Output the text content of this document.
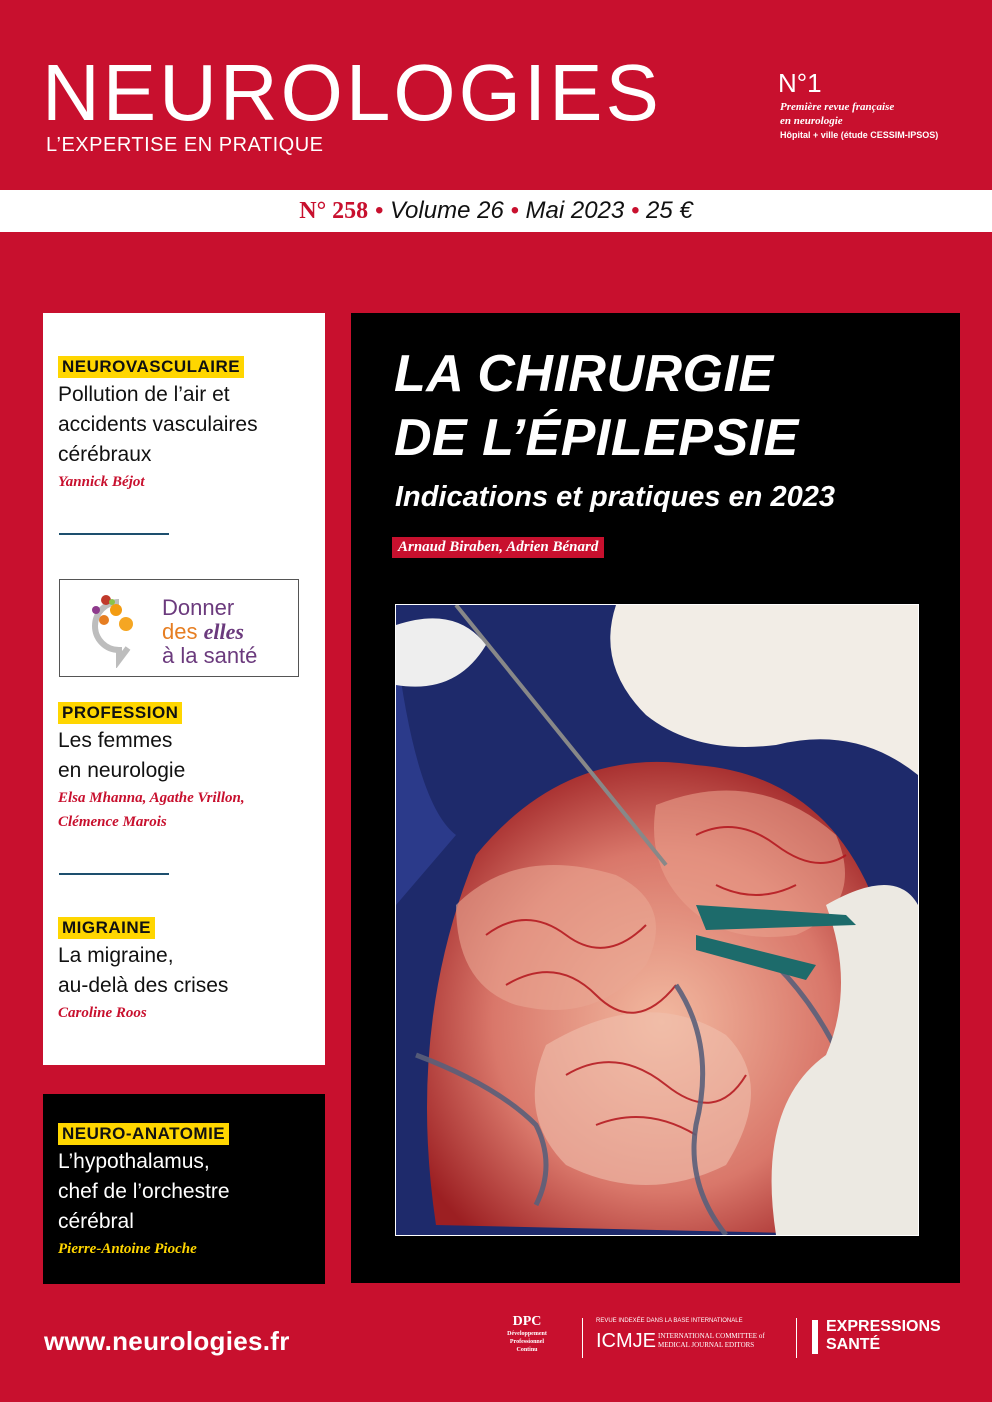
NEUROLOGIES
L’EXPERTISE EN PRATIQUE
N°1
Première revue française
en neurologie
Hôpital + ville (étude CESSIM-IPSOS)
N° 258 • Volume 26 • Mai 2023 • 25 €
NEUROVASCULAIRE
Pollution de l’air et
accidents vasculaires
cérébraux
Yannick Béjot
Donner
des elles
à la santé
PROFESSION
Les femmes
en neurologie
Elsa Mhanna, Agathe Vrillon,
Clémence Marois
MIGRAINE
La migraine,
au-delà des crises
Caroline Roos
NEURO-ANATOMIE
L’hypothalamus,
chef de l’orchestre
cérébral
Pierre-Antoine Pioche
LA CHIRURGIE
DE L’ÉPILEPSIE
Indications et pratiques en 2023
Arnaud Biraben, Adrien Bénard
www.neurologies.fr
DPC
Développement
Professionnel
Continu
REVUE INDEXÉE DANS LA BASE INTERNATIONALE
ICMJE INTERNATIONAL COMMITTEE of
MEDICAL JOURNAL EDITORS
EXPRESSIONS
SANTÉ
